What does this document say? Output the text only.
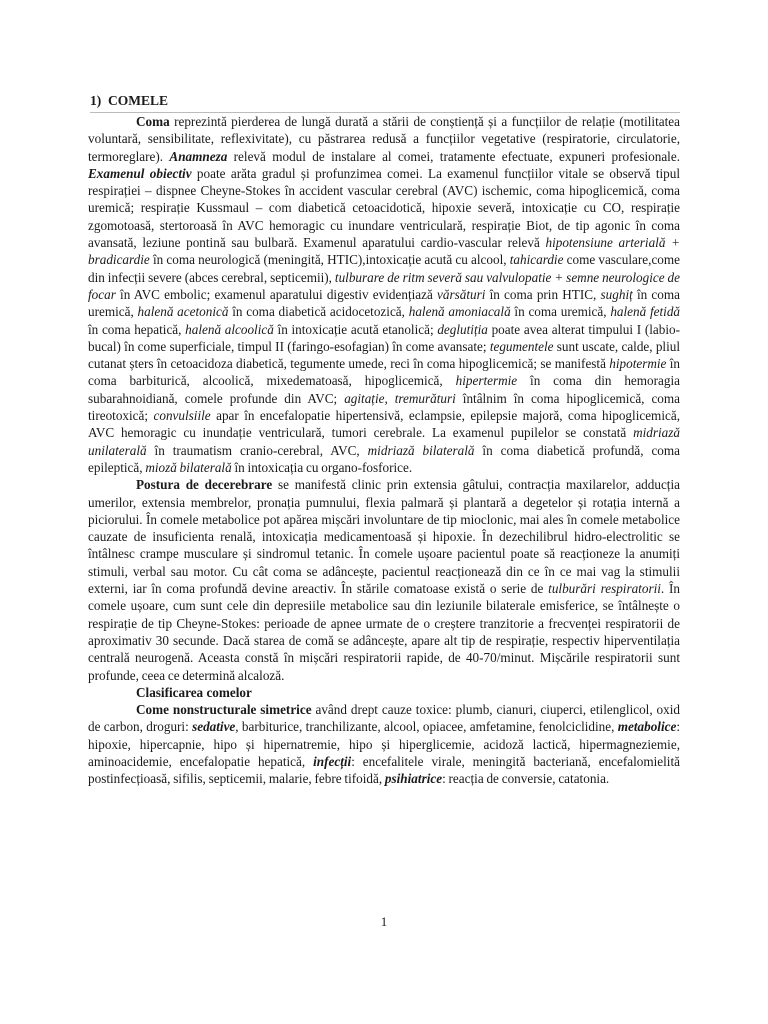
1)  COMELE

Coma reprezintă pierderea de lungă durată a stării de conștiență și a funcțiilor de relație (motilitatea voluntară, sensibilitate, reflexivitate), cu păstrarea redusă a funcțiilor vegetative (respiratorie, circulatorie, termoreglare). Anamneza relevă modul de instalare al comei, tratamente efectuate, expuneri profesionale. Examenul obiectiv poate arăta gradul și profunzimea comei. La examenul funcțiilor vitale se observă tipul respirației – dispnee Cheyne-Stokes în accident vascular cerebral (AVC) ischemic, coma hipoglicemică, coma uremică; respirație Kussmaul – com diabetică cetoacidotică, hipoxie severă, intoxicație cu CO, respirație zgomotoasă, stertoroasă în AVC hemoragic cu inundare ventriculară, respirație Biot, de tip agonic în coma avansată, leziune pontină sau bulbară. Examenul aparatului cardio-vascular relevă hipotensiune arterială + bradicardie în coma neurologică (meningită, HTIC),intoxicație acută cu alcool, tahicardie come vasculare,come din infecții severe (abces cerebral, septicemii), tulburare de ritm severă sau valvulopatie + semne neurologice de focar în AVC embolic; examenul aparatului digestiv evidențiază vărsături în coma prin HTIC, sughiț în coma uremică, halenă acetonică în coma diabetică acidocetozică, halenă amoniacală în coma uremică, halenă fetidă în coma hepatică, halenă alcoolică în intoxicație acută etanolică; deglutiția poate avea alterat timpului I (labio-bucal) în come superficiale, timpul II (faringo-esofagian) în come avansate; tegumentele sunt uscate, calde, pliul cutanat șters în cetoacidoza diabetică, tegumente umede, reci în coma hipoglicemică; se manifestă hipotermie în coma barbiturică, alcoolică, mixedematoasă, hipoglicemică, hipertermie în coma din hemoragia subarahnoidiană, comele profunde din AVC; agitație, tremurături întâlnim în coma hipoglicemică, coma tireotoxică; convulsiile apar în encefalopatie hipertensivă, eclampsie, epilepsie majoră, coma hipoglicemică, AVC hemoragic cu inundație ventriculară, tumori cerebrale. La examenul pupilelor se constată midriază unilaterală în traumatism cranio-cerebral, AVC, midriază bilaterală în coma diabetică profundă, coma epileptică, mioză bilaterală în intoxicația cu organo-fosforice.

Postura de decerebrare se manifestă clinic prin extensia gâtului, contracția maxilarelor, adducția umerilor, extensia membrelor, pronația pumnului, flexia palmară și plantară a degetelor și rotația internă a piciorului. În comele metabolice pot apărea mișcări involuntare de tip mioclonic, mai ales în comele metabolice cauzate de insuficienta renală, intoxicația medicamentoasă și hipoxie. În dezechilibrul hidro-electrolitic se întâlnesc crampe musculare și sindromul tetanic. În comele ușoare pacientul poate să reacționeze la anumiți stimuli, verbal sau motor. Cu cât coma se adâncește, pacientul reacționează din ce în ce mai vag la stimulii externi, iar în coma profundă devine areactiv. În stările comatoase există o serie de tulburări respiratorii. În comele ușoare, cum sunt cele din depresiile metabolice sau din leziunile bilaterale emisferice, se întâlnește o respirație de tip Cheyne-Stokes: perioade de apnee urmate de o creștere tranzitorie a frecvenței respiratorii de aproximativ 30 secunde. Dacă starea de comă se adâncește, apare alt tip de respirație, respectiv hiperventilația centrală neurogenă. Aceasta constă în mișcări respiratorii rapide, de 40-70/minut. Mișcările respiratorii sunt profunde, ceea ce determină alcaloză.

Clasificarea comelor

Come nonstructurale simetrice având drept cauze toxice: plumb, cianuri, ciuperci, etilenglicol, oxid de carbon, droguri: sedative, barbiturice, tranchilizante, alcool, opiacee, amfetamine, fenolciclidine, metabolice: hipoxie, hipercapnie, hipo și hipernatremie, hipo și hiperglicemie, acidoză lactică, hipermagneziemie, aminoacidemie, encefalopatie hepatică, infecții: encefalitele virale, meningită bacteriană, encefalomielită postinfecțioasă, sifilis, septicemii, malarie, febre tifoidă, psihiatrice: reacția de conversie, catatonia.

1
